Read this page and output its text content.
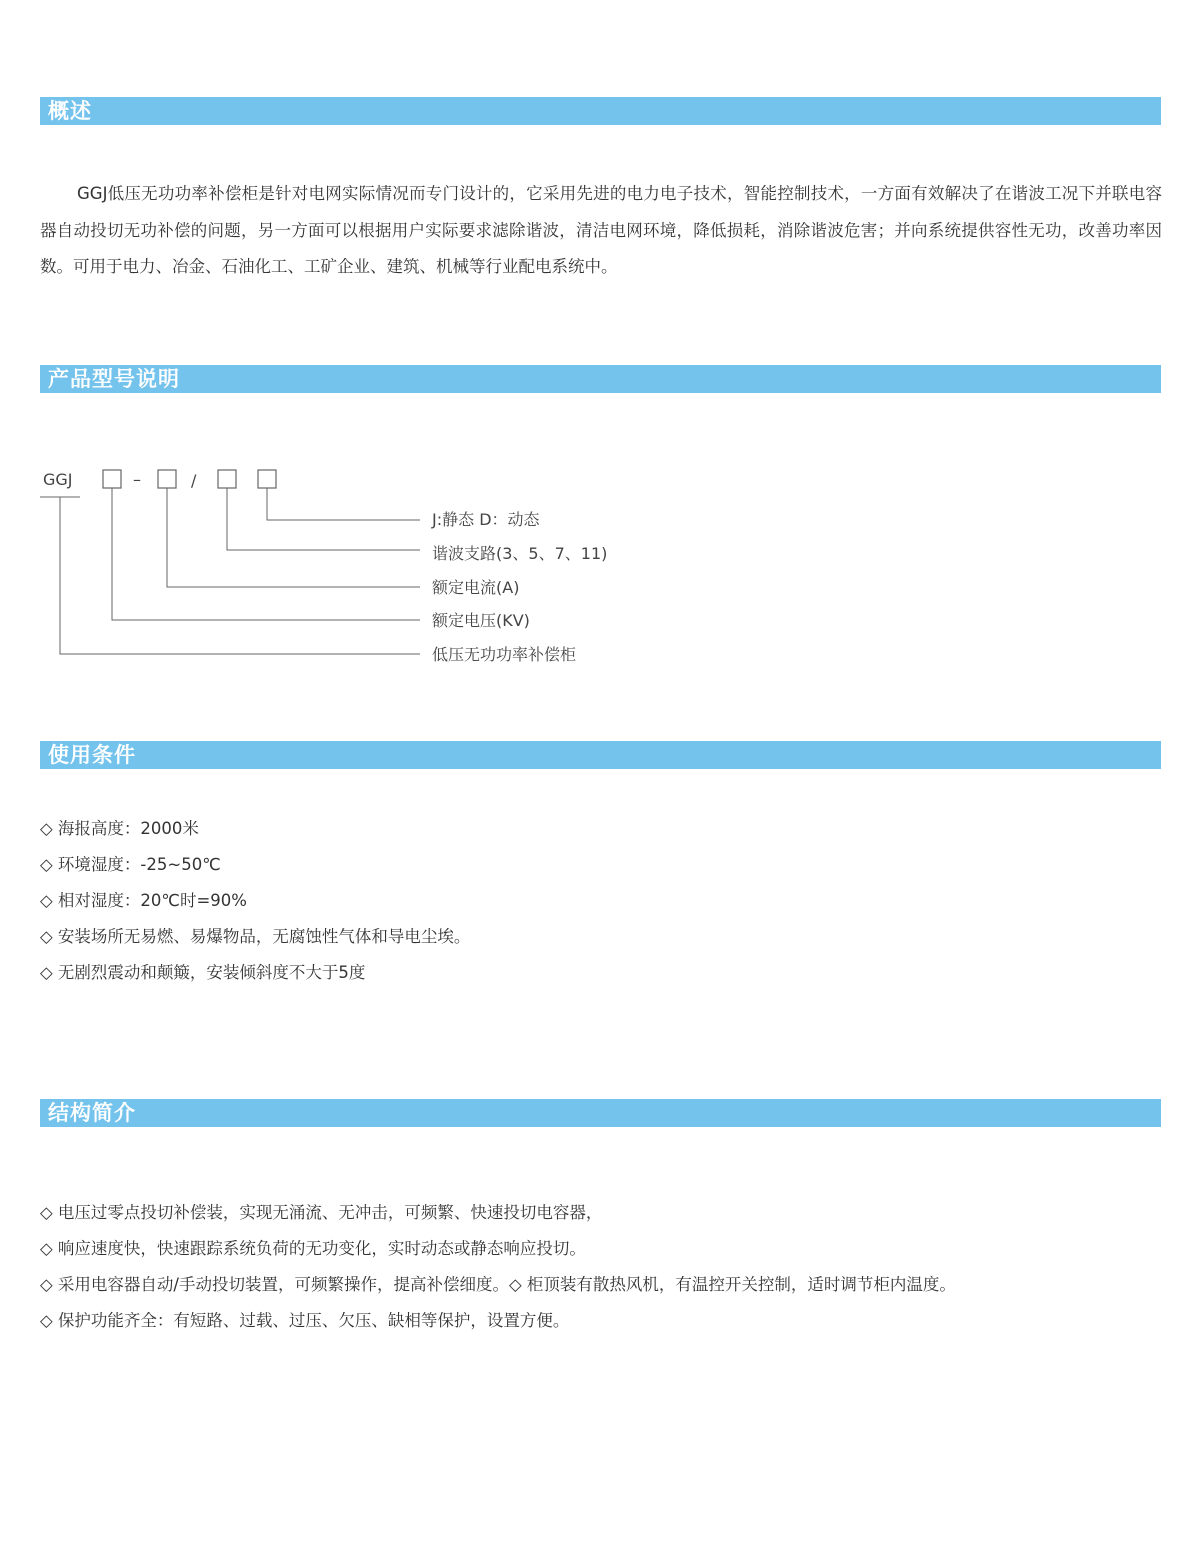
概述

GGJ低压无功功率补偿柜是针对电网实际情况而专门设计的，它采用先进的电力电子技术，智能控制技术，一方面有效解决了在谐波工况下并联电容器自动投切无功补偿的问题，另一方面可以根据用户实际要求滤除谐波，清洁电网环境，降低损耗，消除谐波危害；并向系统提供容性无功，改善功率因数。可用于电力、冶金、石油化工、工矿企业、建筑、机械等行业配电系统中。

产品型号说明
GGJ	–	/
J:静态 D：动态
谐波支路(3、5、7、11)
额定电流(A)
额定电压(KV)
低压无功功率补偿柜
使用条件
◇ 海报高度：2000米
◇ 环境湿度：-25~50℃
◇ 相对湿度：20℃时=90%
◇ 安装场所无易燃、易爆物品，无腐蚀性气体和导电尘埃。
◇ 无剧烈震动和颠簸，安装倾斜度不大于5度
结构简介
◇ 电压过零点投切补偿装，实现无涌流、无冲击，可频繁、快速投切电容器，
◇ 响应速度快，快速跟踪系统负荷的无功变化，实时动态或静态响应投切。
◇ 采用电容器自动/手动投切装置，可频繁操作，提高补偿细度。◇ 柜顶装有散热风机，有温控开关控制，适时调节柜内温度。
◇ 保护功能齐全：有短路、过载、过压、欠压、缺相等保护，设置方便。
